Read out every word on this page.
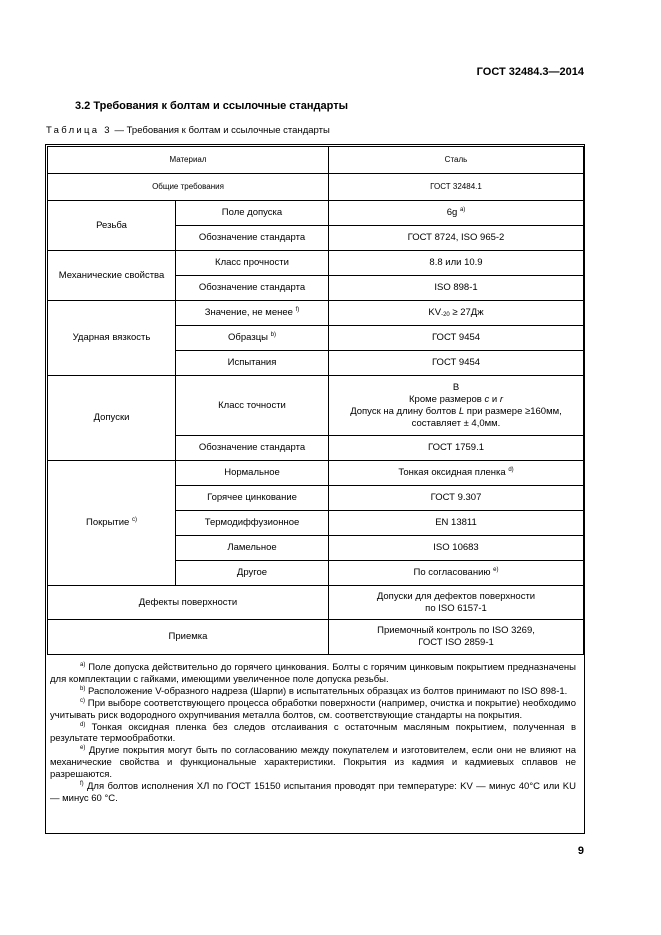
ГОСТ 32484.3—2014
3.2 Требования к болтам и ссылочные стандарты
Таблица 3 — Требования к болтам и ссылочные стандарты
Материал		Сталь
Общие требования		ГОСТ 32484.1
Резьба	Поле допуска	6g $^{a)}$
	Обозначение стандарта	ГОСТ 8724, ISO 965-2
Механические свойства	Класс прочности	8.8 или 10.9
	Обозначение стандарта	ISO 898-1
Ударная вязкость	Значение, не менее $^{f)}$	$KV_{-20} \ge 27Дж$
	Образцы $^{b)}$	ГОСТ 9454
	Испытания	ГОСТ 9454
Допуски	Класс точности	B
Кроме размеров c и r
Допуск на длину болтов L при размере ≥160мм,
составляет ± 4,0мм.

	Обозначение стандарта	ГОСТ 1759.1
Покрытие $^{c)}$	Нормальное	Тонкая оксидная пленка $^{d)}$
	Горячее цинкование	ГОСТ 9.307
	Термодиффузионное	EN 13811
	Ламельное	ISO 10683
	Другое	По согласованию $^{e)}$
Дефекты поверхности		Допуски для дефектов поверхности
по ISO 6157-1

Приемка		Приемочный контроль по ISO 3269,
ГОСТ ISO 2859-1

$^{a)}$ Поле допуска действительно до горячего цинкования. Болты с горячим цинковым покрытием предназначены для комплектации с гайками, имеющими увеличенное поле допуска резьбы.

$^{b)}$ Расположение V-образного надреза (Шарпи) в испытательных образцах из болтов принимают по ISO 898-1.

$^{c)}$ При выборе соответствующего процесса обработки поверхности (например, очистка и покрытие) необходимо учитывать риск водородного охрупчивания металла болтов, см. соответствующие стандарты на покрытия.

$^{d)}$ Тонкая оксидная пленка без следов отслаивания с остаточным масляным покрытием, полученная в результате термообработки.

$^{e)}$ Другие покрытия могут быть по согласованию между покупателем и изготовителем, если они не влияют на механические свойства и функциональные характеристики. Покрытия из кадмия и кадмиевых сплавов не разрешаются.

$^{f)}$ Для болтов исполнения ХЛ по ГОСТ 15150 испытания проводят при температуре: KV — минус 40°C или KU — минус 60 °C.

9
